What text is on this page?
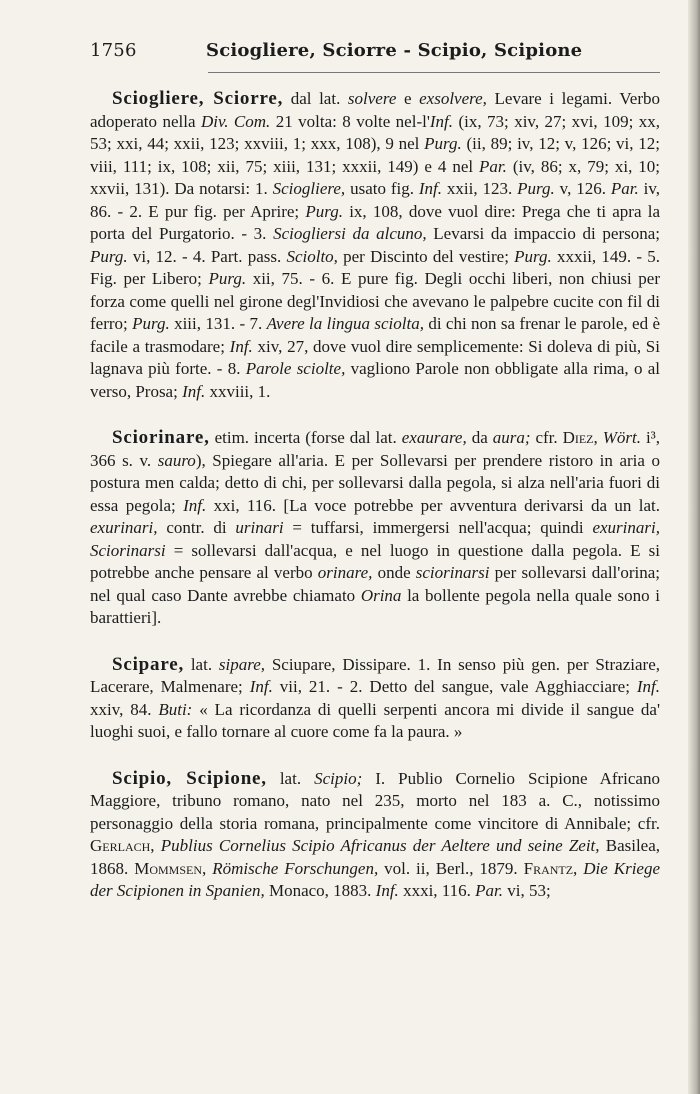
1756	Sciogliere, Sciorre - Scipio, Scipione

Sciogliere, Sciorre, dal lat. solvere e exsolvere, Levare i legami. Verbo adoperato nella Div. Com. 21 volta: 8 volte nel-l'Inf. (ix, 73; xiv, 27; xvi, 109; xx, 53; xxi, 44; xxii, 123; xxviii, 1; xxx, 108), 9 nel Purg. (ii, 89; iv, 12; v, 126; vi, 12; viii, 111; ix, 108; xii, 75; xiii, 131; xxxii, 149) e 4 nel Par. (iv, 86; x, 79; xi, 10; xxvii, 131). Da notarsi: 1. Sciogliere, usato fig. Inf. xxii, 123. Purg. v, 126. Par. iv, 86. - 2. E pur fig. per Aprire; Purg. ix, 108, dove vuol dire: Prega che ti apra la porta del Purgatorio. - 3. Sciogliersi da alcuno, Levarsi da impaccio di persona; Purg. vi, 12. - 4. Part. pass. Sciolto, per Discinto del vestire; Purg. xxxii, 149. - 5. Fig. per Libero; Purg. xii, 75. - 6. E pure fig. Degli occhi liberi, non chiusi per forza come quelli nel girone degl'Invidiosi che avevano le palpebre cucite con fil di ferro; Purg. xiii, 131. - 7. Avere la lingua sciolta, di chi non sa frenar le parole, ed è facile a trasmodare; Inf. xiv, 27, dove vuol dire semplicemente: Si doleva di più, Si lagnava più forte. - 8. Parole sciolte, vagliono Parole non obbligate alla rima, o al verso, Prosa; Inf. xxviii, 1.

Sciorinare, etim. incerta (forse dal lat. exaurare, da aura; cfr. Diez, Wört. i³, 366 s. v. sauro), Spiegare all'aria. E per Sollevarsi per prendere ristoro in aria o postura men calda; detto di chi, per sollevarsi dalla pegola, si alza nell'aria fuori di essa pegola; Inf. xxi, 116. [La voce potrebbe per avventura derivarsi da un lat. exurinari, contr. di urinari = tuffarsi, immergersi nell'acqua; quindi exurinari, Sciorinarsi = sollevarsi dall'acqua, e nel luogo in questione dalla pegola. E si potrebbe anche pensare al verbo orinare, onde sciorinarsi per sollevarsi dall'orina; nel qual caso Dante avrebbe chiamato Orina la bollente pegola nella quale sono i barattieri].

Scipare, lat. sipare, Sciupare, Dissipare. 1. In senso più gen. per Straziare, Lacerare, Malmenare; Inf. vii, 21. - 2. Detto del sangue, vale Agghiacciare; Inf. xxiv, 84. Buti: « La ricordanza di quelli serpenti ancora mi divide il sangue da' luoghi suoi, e fallo tornare al cuore come fa la paura. »

Scipio, Scipione, lat. Scipio; I. Publio Cornelio Scipione Africano Maggiore, tribuno romano, nato nel 235, morto nel 183 a. C., notissimo personaggio della storia romana, principalmente come vincitore di Annibale; cfr. Gerlach, Publius Cornelius Scipio Africanus der Aeltere und seine Zeit, Basilea, 1868. Mommsen, Römische Forschungen, vol. ii, Berl., 1879. Frantz, Die Kriege der Scipionen in Spanien, Monaco, 1883. Inf. xxxi, 116. Par. vi, 53;
